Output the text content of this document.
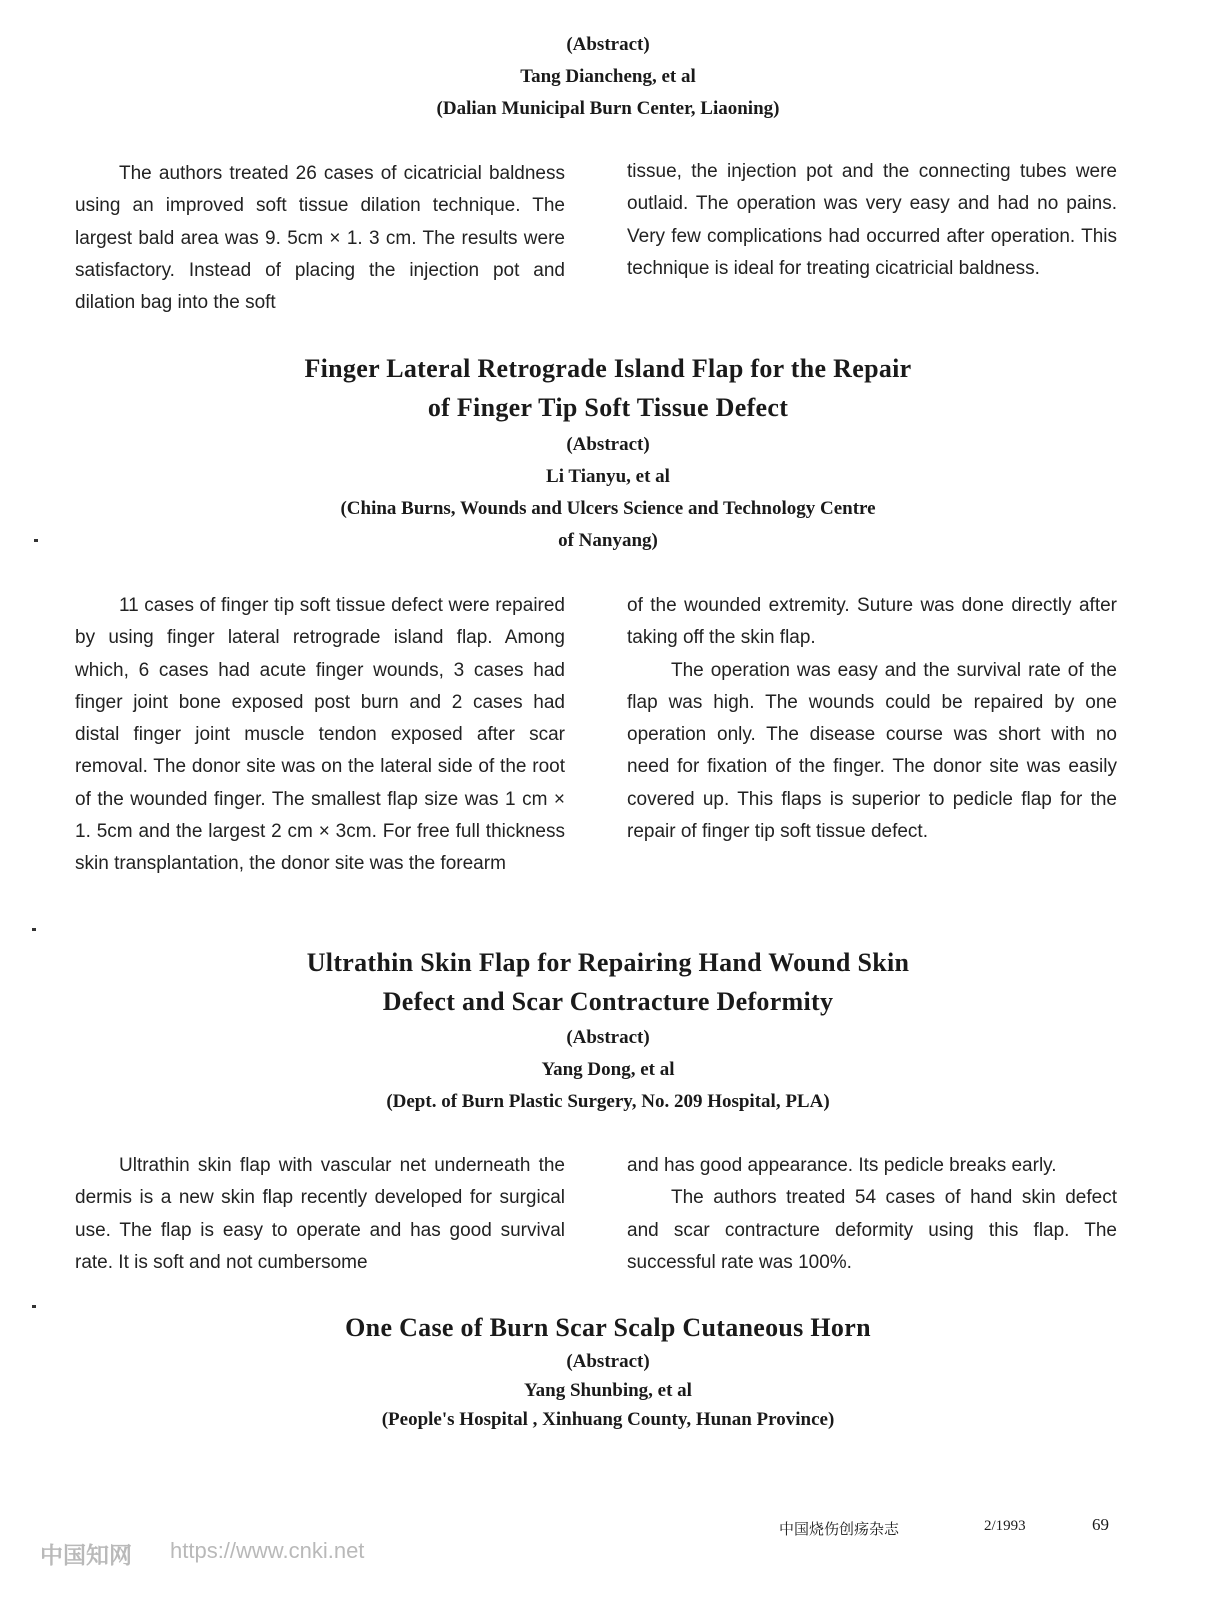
(Abstract)
Tang Diancheng, et al
(Dalian Municipal Burn Center, Liaoning)

The authors treated 26 cases of cicatricial baldness using an improved soft tissue dilation technique. The largest bald area was 9. 5cm × 1. 3 cm. The results were satisfactory. Instead of placing the injection pot and dilation bag into the soft

tissue, the injection pot and the connecting tubes were outlaid. The operation was very easy and had no pains. Very few complications had occurred after operation. This technique is ideal for treating cicatricial baldness.

Finger Lateral Retrograde Island Flap for the Repair
of Finger Tip Soft Tissue Defect
(Abstract)
Li Tianyu, et al
(China Burns, Wounds and Ulcers Science and Technology Centre
of Nanyang)

11 cases of finger tip soft tissue defect were repaired by using finger lateral retrograde island flap. Among which, 6 cases had acute finger wounds, 3 cases had finger joint bone exposed post burn and 2 cases had distal finger joint muscle tendon exposed after scar removal. The donor site was on the lateral side of the root of the wounded finger. The smallest flap size was 1 cm × 1. 5cm and the largest 2 cm × 3cm. For free full thickness skin transplantation, the donor site was the forearm

of the wounded extremity. Suture was done directly after taking off the skin flap.

The operation was easy and the survival rate of the flap was high. The wounds could be repaired by one operation only. The disease course was short with no need for fixation of the finger. The donor site was easily covered up. This flaps is superior to pedicle flap for the repair of finger tip soft tissue defect.

Ultrathin Skin Flap for Repairing Hand Wound Skin
Defect and Scar Contracture Deformity
(Abstract)
Yang Dong, et al
(Dept. of Burn Plastic Surgery, No. 209 Hospital, PLA)

Ultrathin skin flap with vascular net underneath the dermis is a new skin flap recently developed for surgical use. The flap is easy to operate and has good survival rate. It is soft and not cumbersome

and has good appearance. Its pedicle breaks early.

The authors treated 54 cases of hand skin defect and scar contracture deformity using this flap. The successful rate was 100%.

One Case of Burn Scar Scalp Cutaneous Horn
(Abstract)
Yang Shunbing, et al
(People's Hospital , Xinhuang County, Hunan Province)
中国烧伤创疡杂志	2/1993	69
中国知网 https://www.cnki.net
